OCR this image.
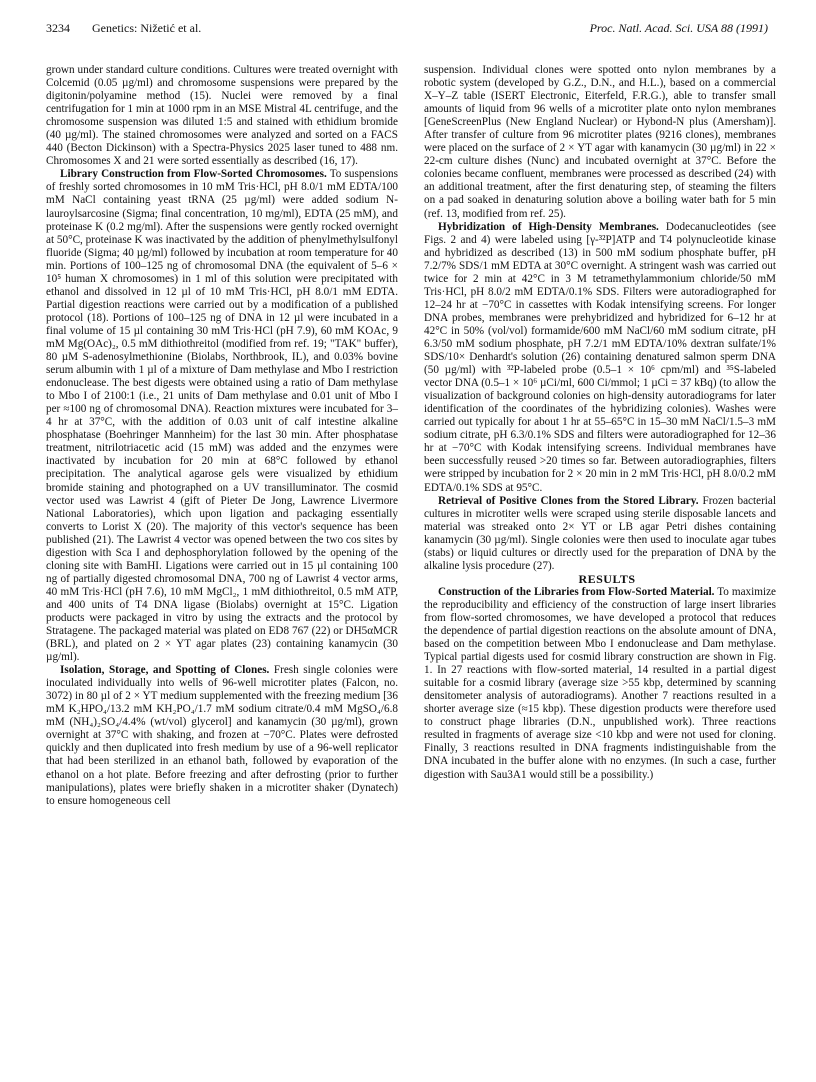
3234 Genetics: Nižetić et al.	Proc. Natl. Acad. Sci. USA 88 (1991)

grown under standard culture conditions. Cultures were treated overnight with Colcemid (0.05 µg/ml) and chromosome suspensions were prepared by the digitonin/polyamine method (15). Nuclei were removed by a final centrifugation for 1 min at 1000 rpm in an MSE Mistral 4L centrifuge, and the chromosome suspension was diluted 1:5 and stained with ethidium bromide (40 µg/ml). The stained chromosomes were analyzed and sorted on a FACS 440 (Becton Dickinson) with a Spectra-Physics 2025 laser tuned to 488 nm. Chromosomes X and 21 were sorted essentially as described (16, 17).

Library Construction from Flow-Sorted Chromosomes. To suspensions of freshly sorted chromosomes in 10 mM Tris·HCl, pH 8.0/1 mM EDTA/100 mM NaCl containing yeast tRNA (25 µg/ml) were added sodium N-lauroylsarcosine (Sigma; final concentration, 10 mg/ml), EDTA (25 mM), and proteinase K (0.2 mg/ml). After the suspensions were gently rocked overnight at 50°C, proteinase K was inactivated by the addition of phenylmethylsulfonyl fluoride (Sigma; 40 µg/ml) followed by incubation at room temperature for 40 min. Portions of 100–125 ng of chromosomal DNA (the equivalent of 5–6 × 10⁵ human X chromosomes) in 1 ml of this solution were precipitated with ethanol and dissolved in 12 µl of 10 mM Tris·HCl, pH 8.0/1 mM EDTA. Partial digestion reactions were carried out by a modification of a published protocol (18). Portions of 100–125 ng of DNA in 12 µl were incubated in a final volume of 15 µl containing 30 mM Tris·HCl (pH 7.9), 60 mM KOAc, 9 mM Mg(OAc)₂, 0.5 mM dithiothreitol (modified from ref. 19; "TAK" buffer), 80 µM S-adenosylmethionine (Biolabs, Northbrook, IL), and 0.03% bovine serum albumin with 1 µl of a mixture of Dam methylase and Mbo I restriction endonuclease. The best digests were obtained using a ratio of Dam methylase to Mbo I of 2100:1 (i.e., 21 units of Dam methylase and 0.01 unit of Mbo I per ≈100 ng of chromosomal DNA). Reaction mixtures were incubated for 3–4 hr at 37°C, with the addition of 0.03 unit of calf intestine alkaline phosphatase (Boehringer Mannheim) for the last 30 min. After phosphatase treatment, nitrilotriacetic acid (15 mM) was added and the enzymes were inactivated by incubation for 20 min at 68°C followed by ethanol precipitation. The analytical agarose gels were visualized by ethidium bromide staining and photographed on a UV transilluminator. The cosmid vector used was Lawrist 4 (gift of Pieter De Jong, Lawrence Livermore National Laboratories), which upon ligation and packaging essentially converts to Lorist X (20). The majority of this vector's sequence has been published (21). The Lawrist 4 vector was opened between the two cos sites by digestion with Sca I and dephosphorylation followed by the opening of the cloning site with BamHI. Ligations were carried out in 15 µl containing 100 ng of partially digested chromosomal DNA, 700 ng of Lawrist 4 vector arms, 40 mM Tris·HCl (pH 7.6), 10 mM MgCl₂, 1 mM dithiothreitol, 0.5 mM ATP, and 400 units of T4 DNA ligase (Biolabs) overnight at 15°C. Ligation products were packaged in vitro by using the extracts and the protocol by Stratagene. The packaged material was plated on ED8 767 (22) or DH5αMCR (BRL), and plated on 2 × YT agar plates (23) containing kanamycin (30 µg/ml).

Isolation, Storage, and Spotting of Clones. Fresh single colonies were inoculated individually into wells of 96-well microtiter plates (Falcon, no. 3072) in 80 µl of 2 × YT medium supplemented with the freezing medium [36 mM K₂HPO₄/13.2 mM KH₂PO₄/1.7 mM sodium citrate/0.4 mM MgSO₄/6.8 mM (NH₄)₂SO₄/4.4% (wt/vol) glycerol] and kanamycin (30 µg/ml), grown overnight at 37°C with shaking, and frozen at −70°C. Plates were defrosted quickly and then duplicated into fresh medium by use of a 96-well replicator that had been sterilized in an ethanol bath, followed by evaporation of the ethanol on a hot plate. Before freezing and after defrosting (prior to further manipulations), plates were briefly shaken in a microtiter shaker (Dynatech) to ensure homogeneous cell

suspension. Individual clones were spotted onto nylon membranes by a robotic system (developed by G.Z., D.N., and H.L.), based on a commercial X–Y–Z table (ISERT Electronic, Eiterfeld, F.R.G.), able to transfer small amounts of liquid from 96 wells of a microtiter plate onto nylon membranes [GeneScreenPlus (New England Nuclear) or Hybond-N plus (Amersham)]. After transfer of culture from 96 microtiter plates (9216 clones), membranes were placed on the surface of 2 × YT agar with kanamycin (30 µg/ml) in 22 × 22-cm culture dishes (Nunc) and incubated overnight at 37°C. Before the colonies became confluent, membranes were processed as described (24) with an additional treatment, after the first denaturing step, of steaming the filters on a pad soaked in denaturing solution above a boiling water bath for 5 min (ref. 13, modified from ref. 25).

Hybridization of High-Density Membranes. Dodecanucleotides (see Figs. 2 and 4) were labeled using [γ-³²P]ATP and T4 polynucleotide kinase and hybridized as described (13) in 500 mM sodium phosphate buffer, pH 7.2/7% SDS/1 mM EDTA at 30°C overnight. A stringent wash was carried out twice for 2 min at 42°C in 3 M tetramethylammonium chloride/50 mM Tris·HCl, pH 8.0/2 mM EDTA/0.1% SDS. Filters were autoradiographed for 12–24 hr at −70°C in cassettes with Kodak intensifying screens. For longer DNA probes, membranes were prehybridized and hybridized for 6–12 hr at 42°C in 50% (vol/vol) formamide/600 mM NaCl/60 mM sodium citrate, pH 6.3/50 mM sodium phosphate, pH 7.2/1 mM EDTA/10% dextran sulfate/1% SDS/10× Denhardt's solution (26) containing denatured salmon sperm DNA (50 µg/ml) with ³²P-labeled probe (0.5–1 × 10⁶ cpm/ml) and ³⁵S-labeled vector DNA (0.5–1 × 10⁶ µCi/ml, 600 Ci/mmol; 1 µCi = 37 kBq) (to allow the visualization of background colonies on high-density autoradiograms for later identification of the coordinates of the hybridizing colonies). Washes were carried out typically for about 1 hr at 55–65°C in 15–30 mM NaCl/1.5–3 mM sodium citrate, pH 6.3/0.1% SDS and filters were autoradiographed for 12–36 hr at −70°C with Kodak intensifying screens. Individual membranes have been successfully reused >20 times so far. Between autoradiographies, filters were stripped by incubation for 2 × 20 min in 2 mM Tris·HCl, pH 8.0/0.2 mM EDTA/0.1% SDS at 95°C.

Retrieval of Positive Clones from the Stored Library. Frozen bacterial cultures in microtiter wells were scraped using sterile disposable lancets and material was streaked onto 2× YT or LB agar Petri dishes containing kanamycin (30 µg/ml). Single colonies were then used to inoculate agar tubes (stabs) or liquid cultures or directly used for the preparation of DNA by the alkaline lysis procedure (27).

RESULTS

Construction of the Libraries from Flow-Sorted Material. To maximize the reproducibility and efficiency of the construction of large insert libraries from flow-sorted chromosomes, we have developed a protocol that reduces the dependence of partial digestion reactions on the absolute amount of DNA, based on the competition between Mbo I endonuclease and Dam methylase. Typical partial digests used for cosmid library construction are shown in Fig. 1. In 27 reactions with flow-sorted material, 14 resulted in a partial digest suitable for a cosmid library (average size >55 kbp, determined by scanning densitometer analysis of autoradiograms). Another 7 reactions resulted in a shorter average size (≈15 kbp). These digestion products were therefore used to construct phage libraries (D.N., unpublished work). Three reactions resulted in fragments of average size <10 kbp and were not used for cloning. Finally, 3 reactions resulted in DNA fragments indistinguishable from the DNA incubated in the buffer alone with no enzymes. (In such a case, further digestion with Sau3A1 would still be a possibility.)
